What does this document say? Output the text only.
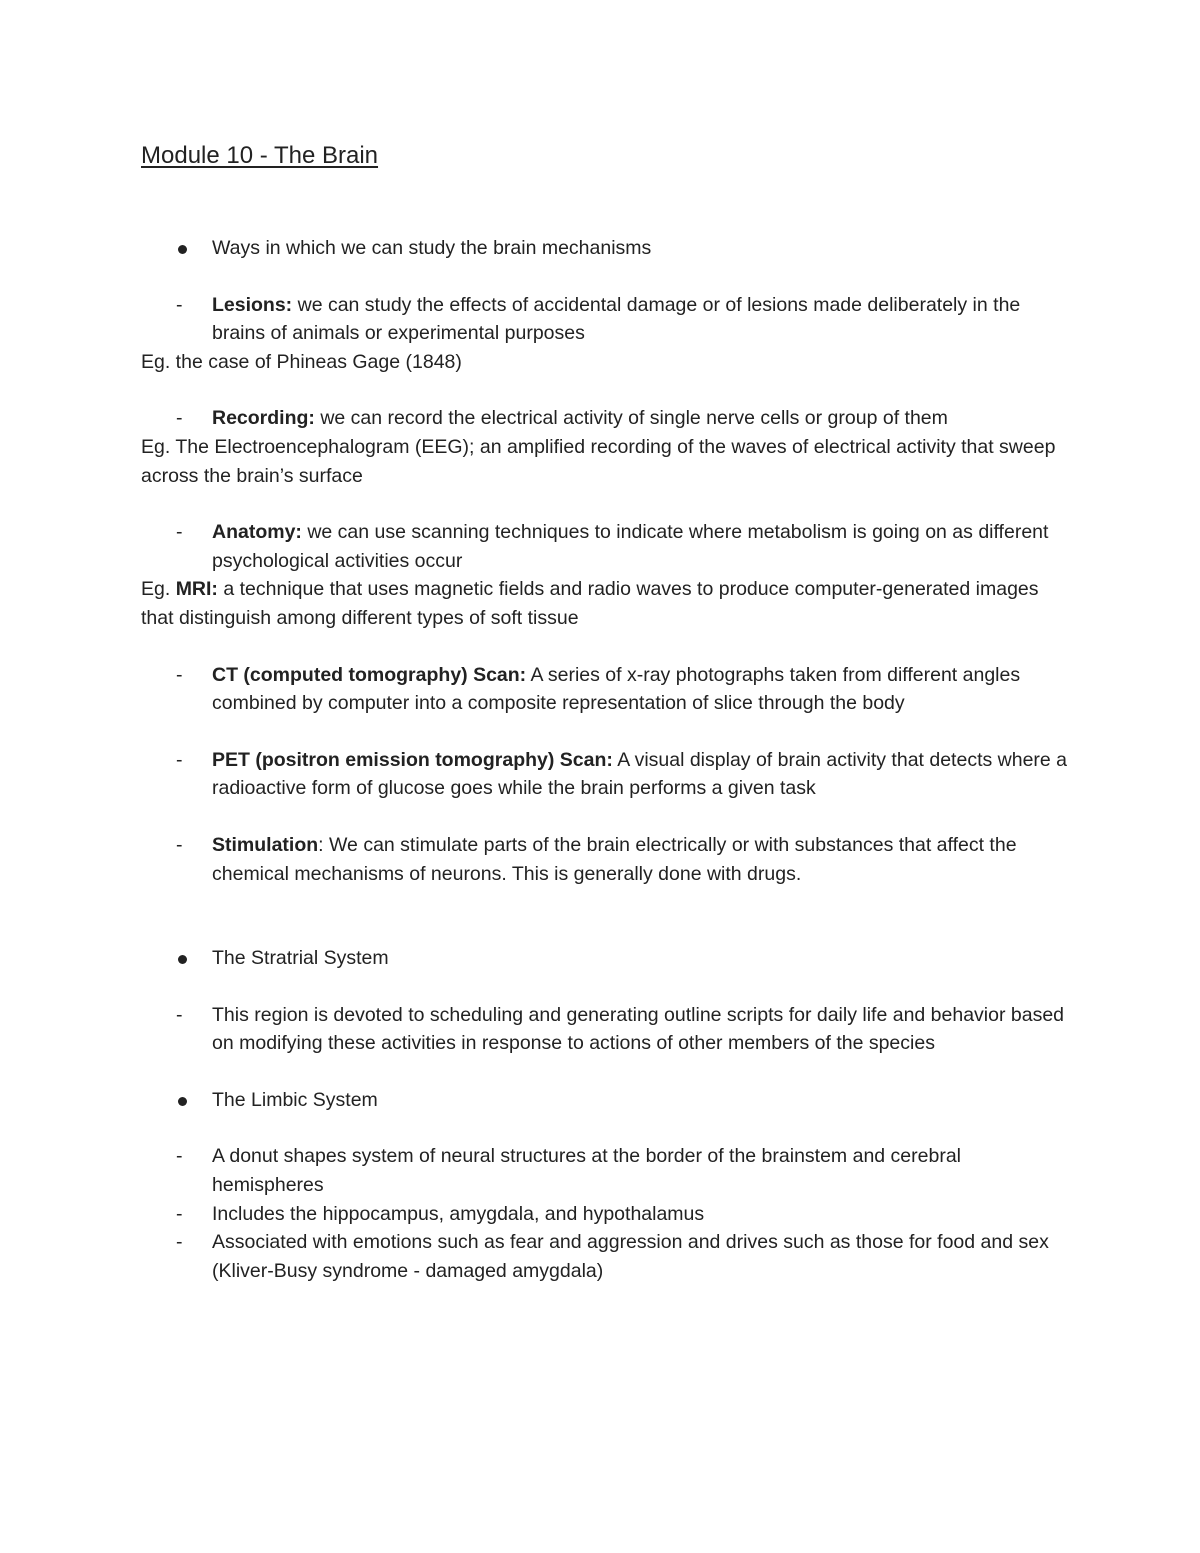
Module 10 - The Brain

Ways in which we can study the brain mechanisms

- Lesions: we can study the effects of accidental damage or of lesions made deliberately in the brains of animals or experimental purposes

Eg. the case of Phineas Gage (1848)

- Recording: we can record the electrical activity of single nerve cells or group of them

Eg. The Electroencephalogram (EEG); an amplified recording of the waves of electrical activity that sweep across the brain’s surface

- Anatomy: we can use scanning techniques to indicate where metabolism is going on as different psychological activities occur

Eg. MRI: a technique that uses magnetic fields and radio waves to produce computer-generated images that distinguish among different types of soft tissue

- CT (computed tomography) Scan: A series of x-ray photographs taken from different angles combined by computer into a composite representation of slice through the body

- PET (positron emission tomography) Scan: A visual display of brain activity that detects where a radioactive form of glucose goes while the brain performs a given task

- Stimulation: We can stimulate parts of the brain electrically or with substances that affect the chemical mechanisms of neurons. This is generally done with drugs.

The Stratrial System

- This region is devoted to scheduling and generating outline scripts for daily life and behavior based on modifying these activities in response to actions of other members of the species

The Limbic System

- A donut shapes system of neural structures at the border of the brainstem and cerebral hemispheres

- Includes the hippocampus, amygdala, and hypothalamus

- Associated with emotions such as fear and aggression and drives such as those for food and sex (Kliver-Busy syndrome - damaged amygdala)
